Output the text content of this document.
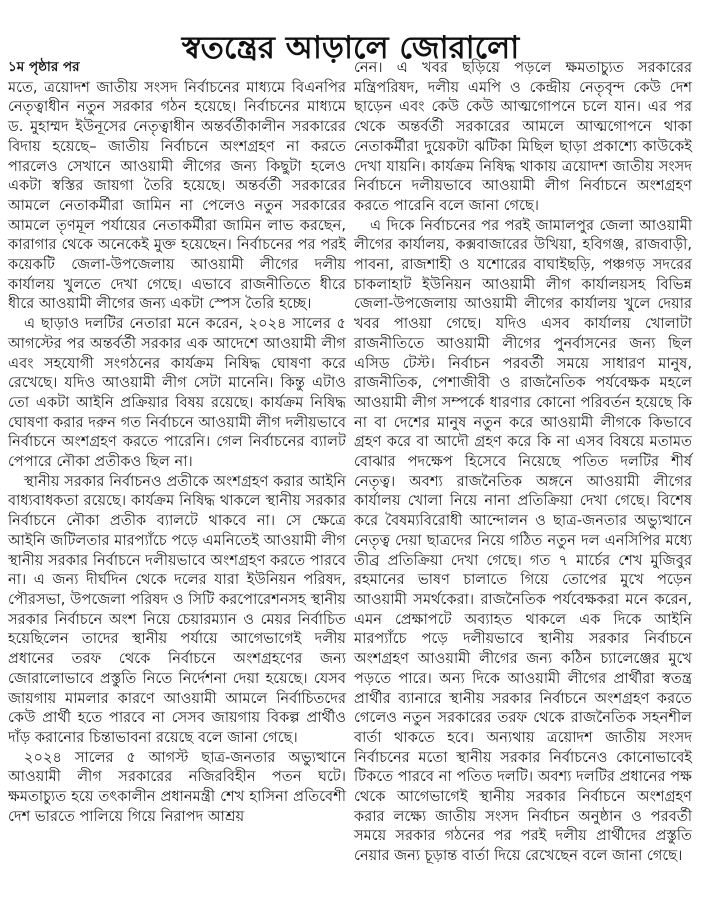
স্বতন্ত্রের আড়ালে জোরালো
১ম পৃষ্ঠার পর

মতে, ত্রয়োদশ জাতীয় সংসদ নির্বাচনের মাধ্যমে বিএনপির নেতৃত্বাধীন নতুন সরকার গঠন হয়েছে। নির্বাচনের মাধ্যমে ড. মুহাম্মদ ইউনূসের নেতৃত্বাধীন অন্তর্বর্তীকালীন সরকারের বিদায় হয়েছে– জাতীয় নির্বাচনে অংশগ্রহণ না করতে পারলেও সেখানে আওয়ামী লীগের জন্য কিছুটা হলেও একটা স্বস্তির জায়গা তৈরি হয়েছে। অন্তর্বর্তী সরকারের আমলে নেতাকর্মীরা জামিন না পেলেও নতুন সরকারের আমলে তৃণমূল পর্যায়ের নেতাকর্মীরা জামিন লাভ করছেন, কারাগার থেকে অনেকেই মুক্ত হয়েছেন। নির্বাচনের পর পরই কয়েকটি জেলা-উপজেলায় আওয়ামী লীগের দলীয় কার্যালয় খুলতে দেখা গেছে। এভাবে রাজনীতিতে ধীরে ধীরে আওয়ামী লীগের জন্য একটা স্পেস তৈরি হচ্ছে।

এ ছাড়াও দলটির নেতারা মনে করেন, ২০২৪ সালের ৫ আগস্টের পর অন্তর্বর্তী সরকার এক আদেশে আওয়ামী লীগ এবং সহযোগী সংগঠনের কার্যক্রম নিষিদ্ধ ঘোষণা করে রেখেছে। যদিও আওয়ামী লীগ সেটা মানেনি। কিন্তু এটাও তো একটা আইনি প্রক্রিয়ার বিষয় রয়েছে। কার্যক্রম নিষিদ্ধ ঘোষণা করার দরুন গত নির্বাচনে আওয়ামী লীগ দলীয়ভাবে নির্বাচনে অংশগ্রহণ করতে পারেনি। গেল নির্বাচনের ব্যালট পেপারে নৌকা প্রতীকও ছিল না।

স্থানীয় সরকার নির্বাচনও প্রতীকে অংশগ্রহণ করার আইনি বাধ্যবাধকতা রয়েছে। কার্যক্রম নিষিদ্ধ থাকলে স্থানীয় সরকার নির্বাচনে নৌকা প্রতীক ব্যালটে থাকবে না। সে ক্ষেত্রে আইনি জটিলতার মারপ্যাঁচে পড়ে এমনিতেই আওয়ামী লীগ স্থানীয় সরকার নির্বাচনে দলীয়ভাবে অংশগ্রহণ করতে পারবে না। এ জন্য দীর্ঘদিন থেকে দলের যারা ইউনিয়ন পরিষদ, পৌরসভা, উপজেলা পরিষদ ও সিটি করপোরেশনসহ স্থানীয় সরকার নির্বাচনে অংশ নিয়ে চেয়ারম্যান ও মেয়র নির্বাচিত হয়েছিলেন তাদের স্থানীয় পর্যায়ে আগেভাগেই দলীয় প্রধানের তরফ থেকে নির্বাচনে অংশগ্রহণের জন্য জোরালোভাবে প্রস্তুতি নিতে নির্দেশনা দেয়া হয়েছে। যেসব জায়গায় মামলার কারণে আওয়ামী আমলে নির্বাচিতদের কেউ প্রার্থী হতে পারবে না সেসব জায়গায় বিকল্প প্রার্থীও দাঁড় করানোর চিন্তাভাবনা রয়েছে বলে জানা গেছে।

২০২৪ সালের ৫ আগস্ট ছাত্র-জনতার অভ্যুত্থানে আওয়ামী লীগ সরকারের নজিরবিহীন পতন ঘটে। ক্ষমতাচ্যুত হয়ে তৎকালীন প্রধানমন্ত্রী শেখ হাসিনা প্রতিবেশী দেশ ভারতে পালিয়ে গিয়ে নিরাপদ আশ্রয়

নেন। এ খবর ছড়িয়ে পড়লে ক্ষমতাচ্যুত সরকারের মন্ত্রিপরিষদ, দলীয় এমপি ও কেন্দ্রীয় নেতৃবৃন্দ কেউ দেশ ছাড়েন এবং কেউ কেউ আত্মগোপনে চলে যান। এর পর থেকে অন্তর্বর্তী সরকারের আমলে আত্মগোপনে থাকা নেতাকর্মীরা দুয়েকটা ঝটিকা মিছিল ছাড়া প্রকাশ্যে কাউকেই দেখা যায়নি। কার্যক্রম নিষিদ্ধ থাকায় ত্রয়োদশ জাতীয় সংসদ নির্বাচনে দলীয়ভাবে আওয়ামী লীগ নির্বাচনে অংশগ্রহণ করতে পারেনি বলে জানা গেছে।

এ দিকে নির্বাচনের পর পরই জামালপুর জেলা আওয়ামী লীগের কার্যালয়, কক্সবাজারের উখিয়া, হবিগঞ্জ, রাজবাড়ী, পাবনা, রাজশাহী ও যশোরের বাঘাইছড়ি, পঞ্চগড় সদরের চাকলাহাট ইউনিয়ন আওয়ামী লীগ কার্যালয়সহ বিভিন্ন জেলা-উপজেলায় আওয়ামী লীগের কার্যালয় খুলে দেয়ার খবর পাওয়া গেছে। যদিও এসব কার্যালয় খোলাটা রাজনীতিতে আওয়ামী লীগের পুনর্বাসনের জন্য ছিল এসিড টেস্ট। নির্বাচন পরবর্তী সময়ে সাধারণ মানুষ, রাজনীতিক, পেশাজীবী ও রাজনৈতিক পর্যবেক্ষক মহলে আওয়ামী লীগ সম্পর্কে ধারণার কোনো পরিবর্তন হয়েছে কি না বা দেশের মানুষ নতুন করে আওয়ামী লীগকে কিভাবে গ্রহণ করে বা আদৌ গ্রহণ করে কি না এসব বিষয়ে মতামত বোঝার পদক্ষেপ হিসেবে নিয়েছে পতিত দলটির শীর্ষ নেতৃত্ব। অবশ্য রাজনৈতিক অঙ্গনে আওয়ামী লীগের কার্যালয় খোলা নিয়ে নানা প্রতিক্রিয়া দেখা গেছে। বিশেষ করে বৈষম্যবিরোধী আন্দোলন ও ছাত্র-জনতার অভ্যুত্থানে নেতৃত্ব দেয়া ছাত্রদের নিয়ে গঠিত নতুন দল এনসিপির মধ্যে তীব্র প্রতিক্রিয়া দেখা গেছে। গত ৭ মার্চের শেখ মুজিবুর রহমানের ভাষণ চালাতে গিয়ে তোপের মুখে পড়েন আওয়ামী সমর্থকেরা। রাজনৈতিক পর্যবেক্ষকরা মনে করেন, এমন প্রেক্ষাপটে অব্যাহত থাকলে এক দিকে আইনি মারপ্যাঁচে পড়ে দলীয়ভাবে স্থানীয় সরকার নির্বাচনে অংশগ্রহণ আওয়ামী লীগের জন্য কঠিন চ্যালেঞ্জের মুখে পড়তে পারে। অন্য দিকে আওয়ামী লীগের প্রার্থীরা স্বতন্ত্র প্রার্থীর ব্যানারে স্থানীয় সরকার নির্বাচনে অংশগ্রহণ করতে গেলেও নতুন সরকারের তরফ থেকে রাজনৈতিক সহনশীল বার্তা থাকতে হবে। অন্যথায় ত্রয়োদশ জাতীয় সংসদ নির্বাচনের মতো স্থানীয় সরকার নির্বাচনেও কোনোভাবেই টিকতে পারবে না পতিত দলটি। অবশ্য দলটির প্রধানের পক্ষ থেকে আগেভাগেই স্থানীয় সরকার নির্বাচনে অংশগ্রহণ করার লক্ষ্যে জাতীয় সংসদ নির্বাচন অনুষ্ঠান ও পরবর্তী সময়ে সরকার গঠনের পর পরই দলীয় প্রার্থীদের প্রস্তুতি নেয়ার জন্য চূড়ান্ত বার্তা দিয়ে রেখেছেন বলে জানা গেছে।
